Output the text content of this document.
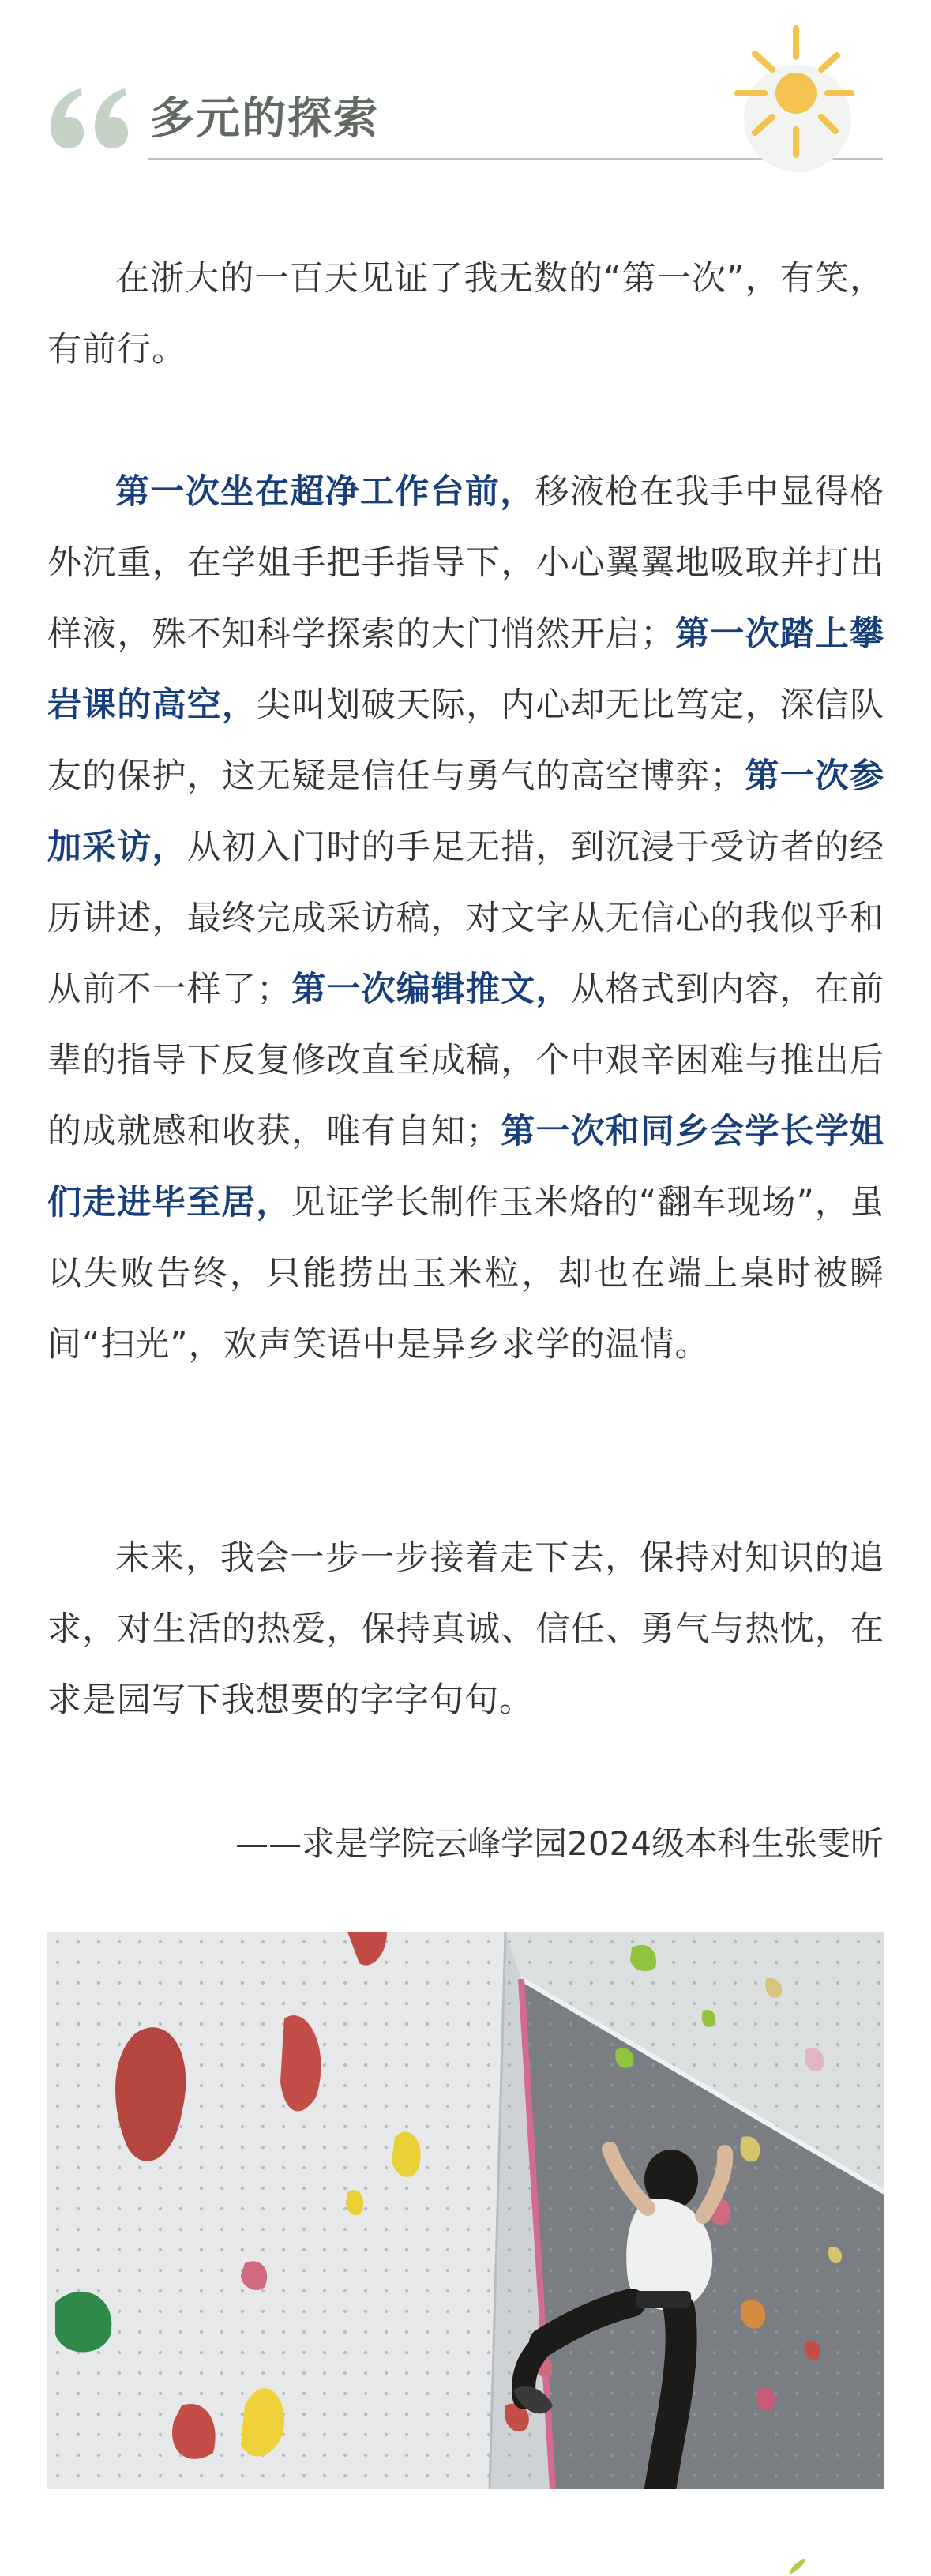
多元的探索

在浙大的一百天见证了我无数的“第一次”，有笑，有前行。

第一次坐在超净工作台前，移液枪在我手中显得格外沉重，在学姐手把手指导下，小心翼翼地吸取并打出样液，殊不知科学探索的大门悄然开启；第一次踏上攀岩课的高空，尖叫划破天际，内心却无比笃定，深信队友的保护，这无疑是信任与勇气的高空博弈；第一次参加采访，从初入门时的手足无措，到沉浸于受访者的经历讲述，最终完成采访稿，对文字从无信心的我似乎和从前不一样了；第一次编辑推文，从格式到内容，在前辈的指导下反复修改直至成稿，个中艰辛困难与推出后的成就感和收获，唯有自知；第一次和同乡会学长学姐们走进毕至居，见证学长制作玉米烙的“翻车现场”，虽以失败告终，只能捞出玉米粒，却也在端上桌时被瞬间“扫光”，欢声笑语中是异乡求学的温情。

未来，我会一步一步接着走下去，保持对知识的追求，对生活的热爱，保持真诚、信任、勇气与热忱，在求是园写下我想要的字字句句。

——求是学院云峰学园2024级本科生张雯昕
